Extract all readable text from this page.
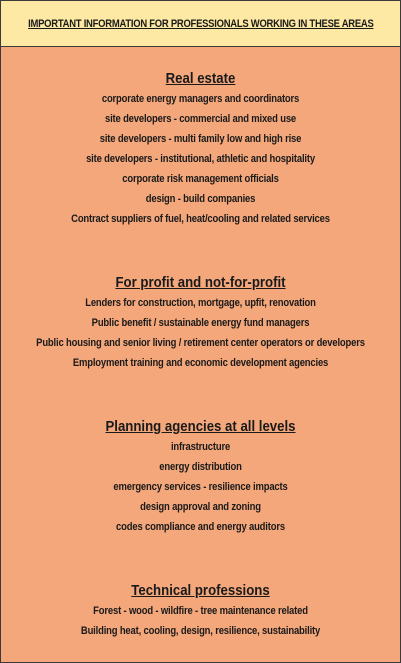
IMPORTANT INFORMATION FOR PROFESSIONALS WORKING IN THESE AREAS
Real estate
corporate energy managers and coordinators
site developers - commercial and mixed use
site developers - multi family low and high rise
site developers - institutional, athletic and hospitality
corporate risk management officials
design - build companies
Contract suppliers of fuel, heat/cooling and related services
For profit and not-for-profit
Lenders for construction, mortgage, upfit, renovation
Public benefit / sustainable energy fund managers
Public housing and senior living / retirement center operators or developers
Employment training and economic development agencies
Planning agencies at all levels
infrastructure
energy distribution
emergency services - resilience impacts
design approval and zoning
codes compliance and energy auditors
Technical professions
Forest - wood - wildfire - tree maintenance related
Building heat, cooling, design, resilience, sustainability
